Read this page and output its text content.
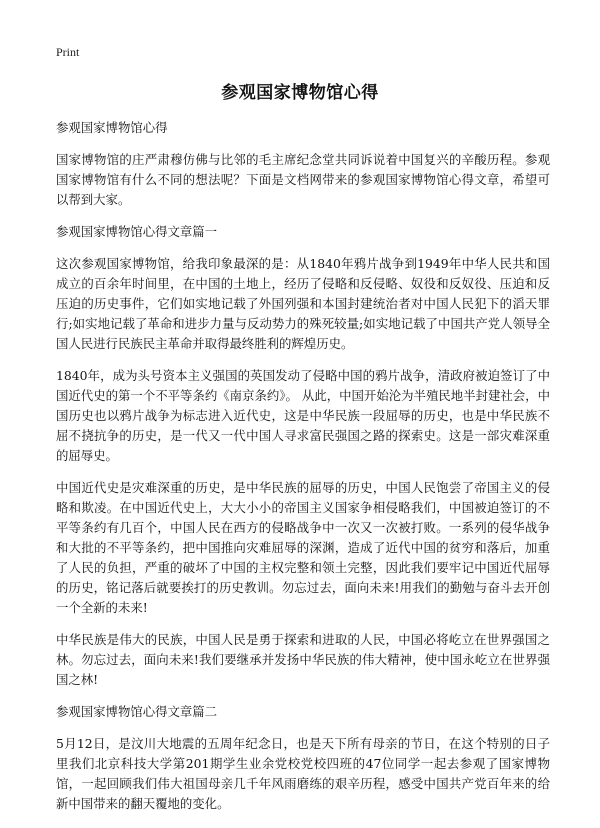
Print
参观国家博物馆心得

参观国家博物馆心得

国家博物馆的庄严肃穆仿佛与比邻的毛主席纪念堂共同诉说着中国复兴的辛酸历程。参观国家博物馆有什么不同的想法呢？下面是文档网带来的参观国家博物馆心得文章，希望可以帮到大家。

参观国家博物馆心得文章篇一

这次参观国家博物馆，给我印象最深的是：从1840年鸦片战争到1949年中华人民共和国成立的百余年时间里，在中国的土地上，经历了侵略和反侵略、奴役和反奴役、压迫和反压迫的历史事件，它们如实地记载了外国列强和本国封建统治者对中国人民犯下的滔天罪行;如实地记载了革命和进步力量与反动势力的殊死较量;如实地记载了中国共产党人领导全国人民进行民族民主革命并取得最终胜利的辉煌历史。

1840年，成为头号资本主义强国的英国发动了侵略中国的鸦片战争，清政府被迫签订了中国近代史的第一个不平等条约《南京条约》。 从此，中国开始沦为半殖民地半封建社会，中国历史也以鸦片战争为标志进入近代史，这是中华民族一段屈辱的历史，也是中华民族不屈不挠抗争的历史，是一代又一代中国人寻求富民强国之路的探索史。这是一部灾难深重的屈辱史。

中国近代史是灾难深重的历史，是中华民族的屈辱的历史，中国人民饱尝了帝国主义的侵略和欺凌。在中国近代史上，大大小小的帝国主义国家争相侵略我们，中国被迫签订的不平等条约有几百个，中国人民在西方的侵略战争中一次又一次被打败。一系列的侵华战争和大批的不平等条约，把中国推向灾难屈辱的深渊，造成了近代中国的贫穷和落后，加重了人民的负担，严重的破坏了中国的主权完整和领土完整，因此我们要牢记中国近代屈辱的历史，铭记落后就要挨打的历史教训。勿忘过去，面向未来!用我们的勤勉与奋斗去开创一个全新的未来!

中华民族是伟大的民族，中国人民是勇于探索和进取的人民，中国必将屹立在世界强国之林。勿忘过去，面向未来!我们要继承并发扬中华民族的伟大精神，使中国永屹立在世界强国之林!

参观国家博物馆心得文章篇二

5月12日，是汶川大地震的五周年纪念日，也是天下所有母亲的节日，在这个特别的日子里我们北京科技大学第201期学生业余党校党校四班的47位同学一起去参观了国家博物馆，一起回顾我们伟大祖国母亲几千年风雨磨练的艰辛历程，感受中国共产党百年来的给新中国带来的翻天覆地的变化。
